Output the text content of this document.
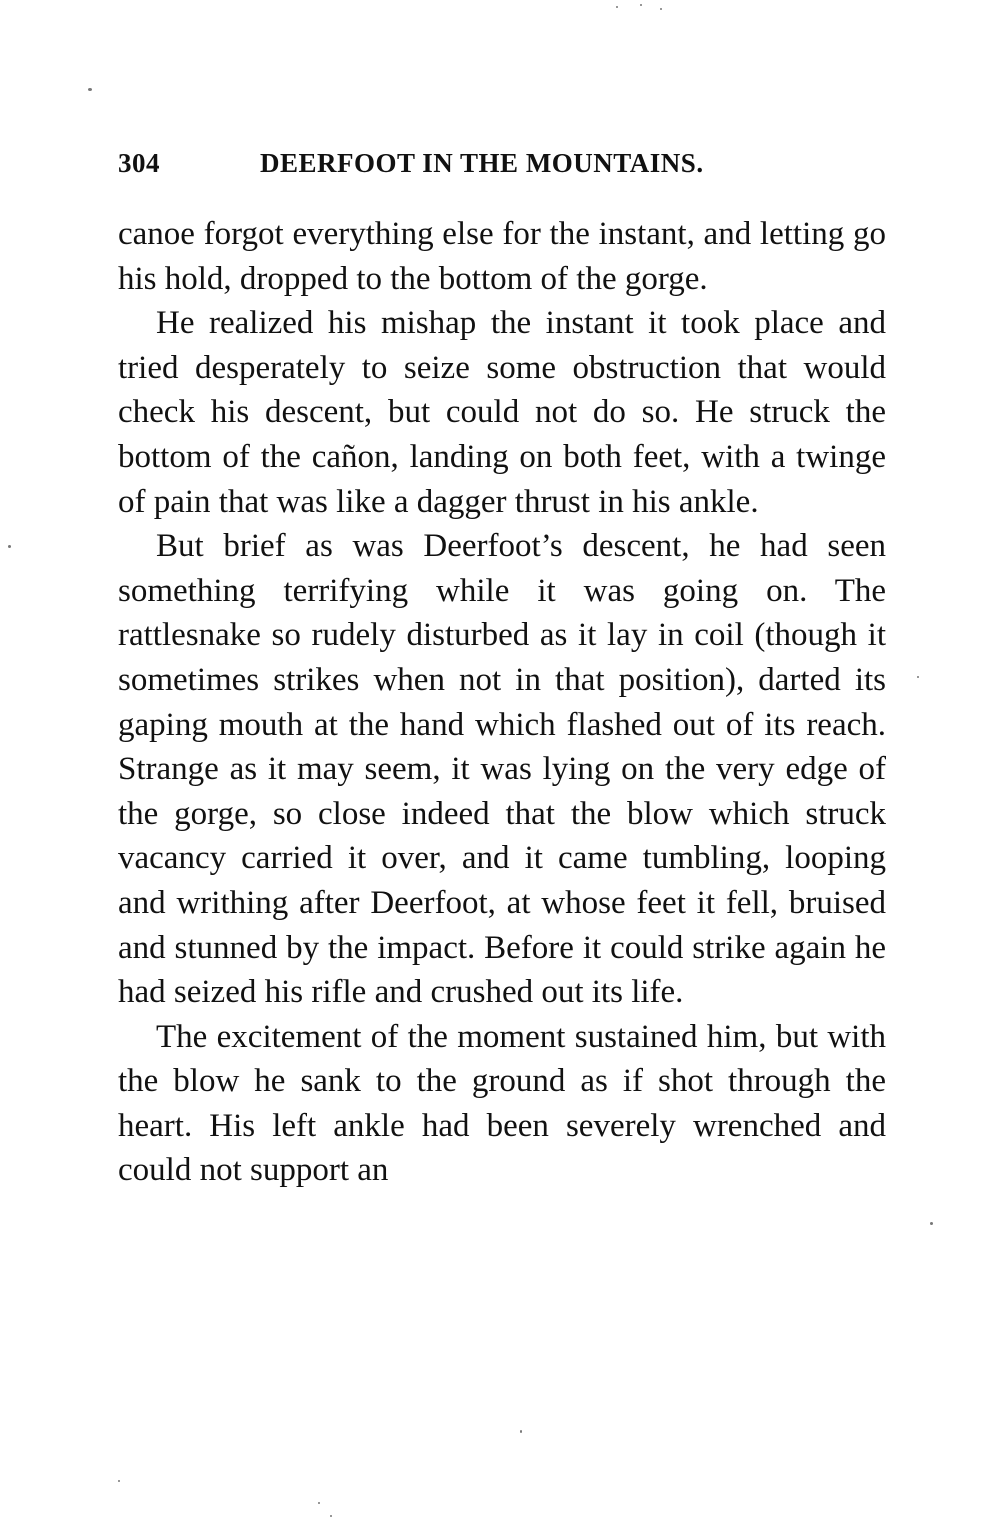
304	DEERFOOT IN THE MOUNTAINS.

canoe forgot everything else for the instant, and letting go his hold, dropped to the bottom of the gorge.

He realized his mishap the instant it took place and tried desperately to seize some obstruction that would check his descent, but could not do so. He struck the bottom of the cañon, landing on both feet, with a twinge of pain that was like a dagger thrust in his ankle.

But brief as was Deerfoot’s descent, he had seen something terrifying while it was going on. The rattlesnake so rudely disturbed as it lay in coil (though it sometimes strikes when not in that position), darted its gaping mouth at the hand which flashed out of its reach. Strange as it may seem, it was lying on the very edge of the gorge, so close indeed that the blow which struck vacancy carried it over, and it came tumbling, looping and writhing after Deerfoot, at whose feet it fell, bruised and stunned by the impact. Before it could strike again he had seized his rifle and crushed out its life.

The excitement of the moment sustained him, but with the blow he sank to the ground as if shot through the heart. His left ankle had been severely wrenched and could not support an
